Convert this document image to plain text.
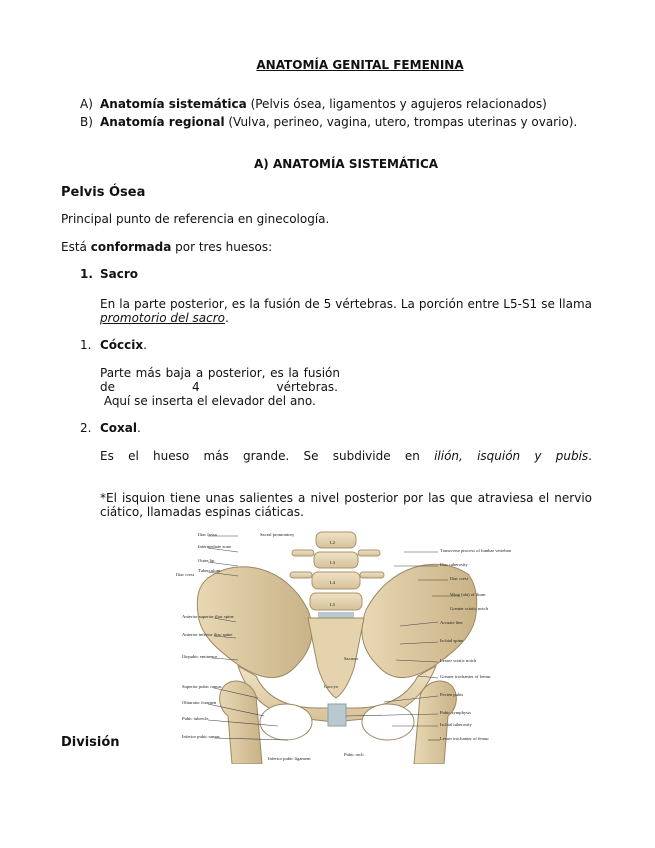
ANATOMÍA GENITAL FEMENINA
A) Anatomía sistemática (Pelvis ósea, ligamentos y agujeros relacionados)
B) Anatomía regional (Vulva, perineo, vagina, utero, trompas uterinas y ovario).
A) ANATOMÍA SISTEMÁTICA
Pelvis Ósea
Principal punto de referencia en ginecología.
Está conformada por tres huesos:
1. Sacro
En la parte posterior, es la fusión de 5 vértebras. La porción entre L5-S1 se llama
promotorio del sacro.
1. Cóccix.
Parte más baja a posterior, es la fusión
de	4	vértebras.
Aquí se inserta el elevador del ano.
2. Coxal.
Es el hueso más grande. Se subdivide en ilión, isquión y pubis.
*El isquion tiene unas salientes a nivel posterior por las que atraviesa el nervio
ciático, llamadas espinas ciáticas.
Iliac crest
Iliac fossa
Intermediate zone
Outer lip
Tuberculum
Anterior superior iliac spine
Anterior inferior iliac spine
Iliopubic eminence
Superior pubic ramus
Obturator foramen
Pubic tubercle
Inferior pubic ramus
Sacral promontory
L2
L3
L4
L5
Transverse process of lumbar vertebrae
Iliac tuberosity
Iliac crest
Wing (ala) of ilium
Greater sciatic notch
Arcuate line
Ischial spine
Lesser sciatic notch
Greater trochanter of femur
Pecten pubis
Pubic symphysis
Ischial tuberosity
Lesser trochanter of femur
Inferior pubic ligament
Pubic arch
Sacrum
Coccyx
División
